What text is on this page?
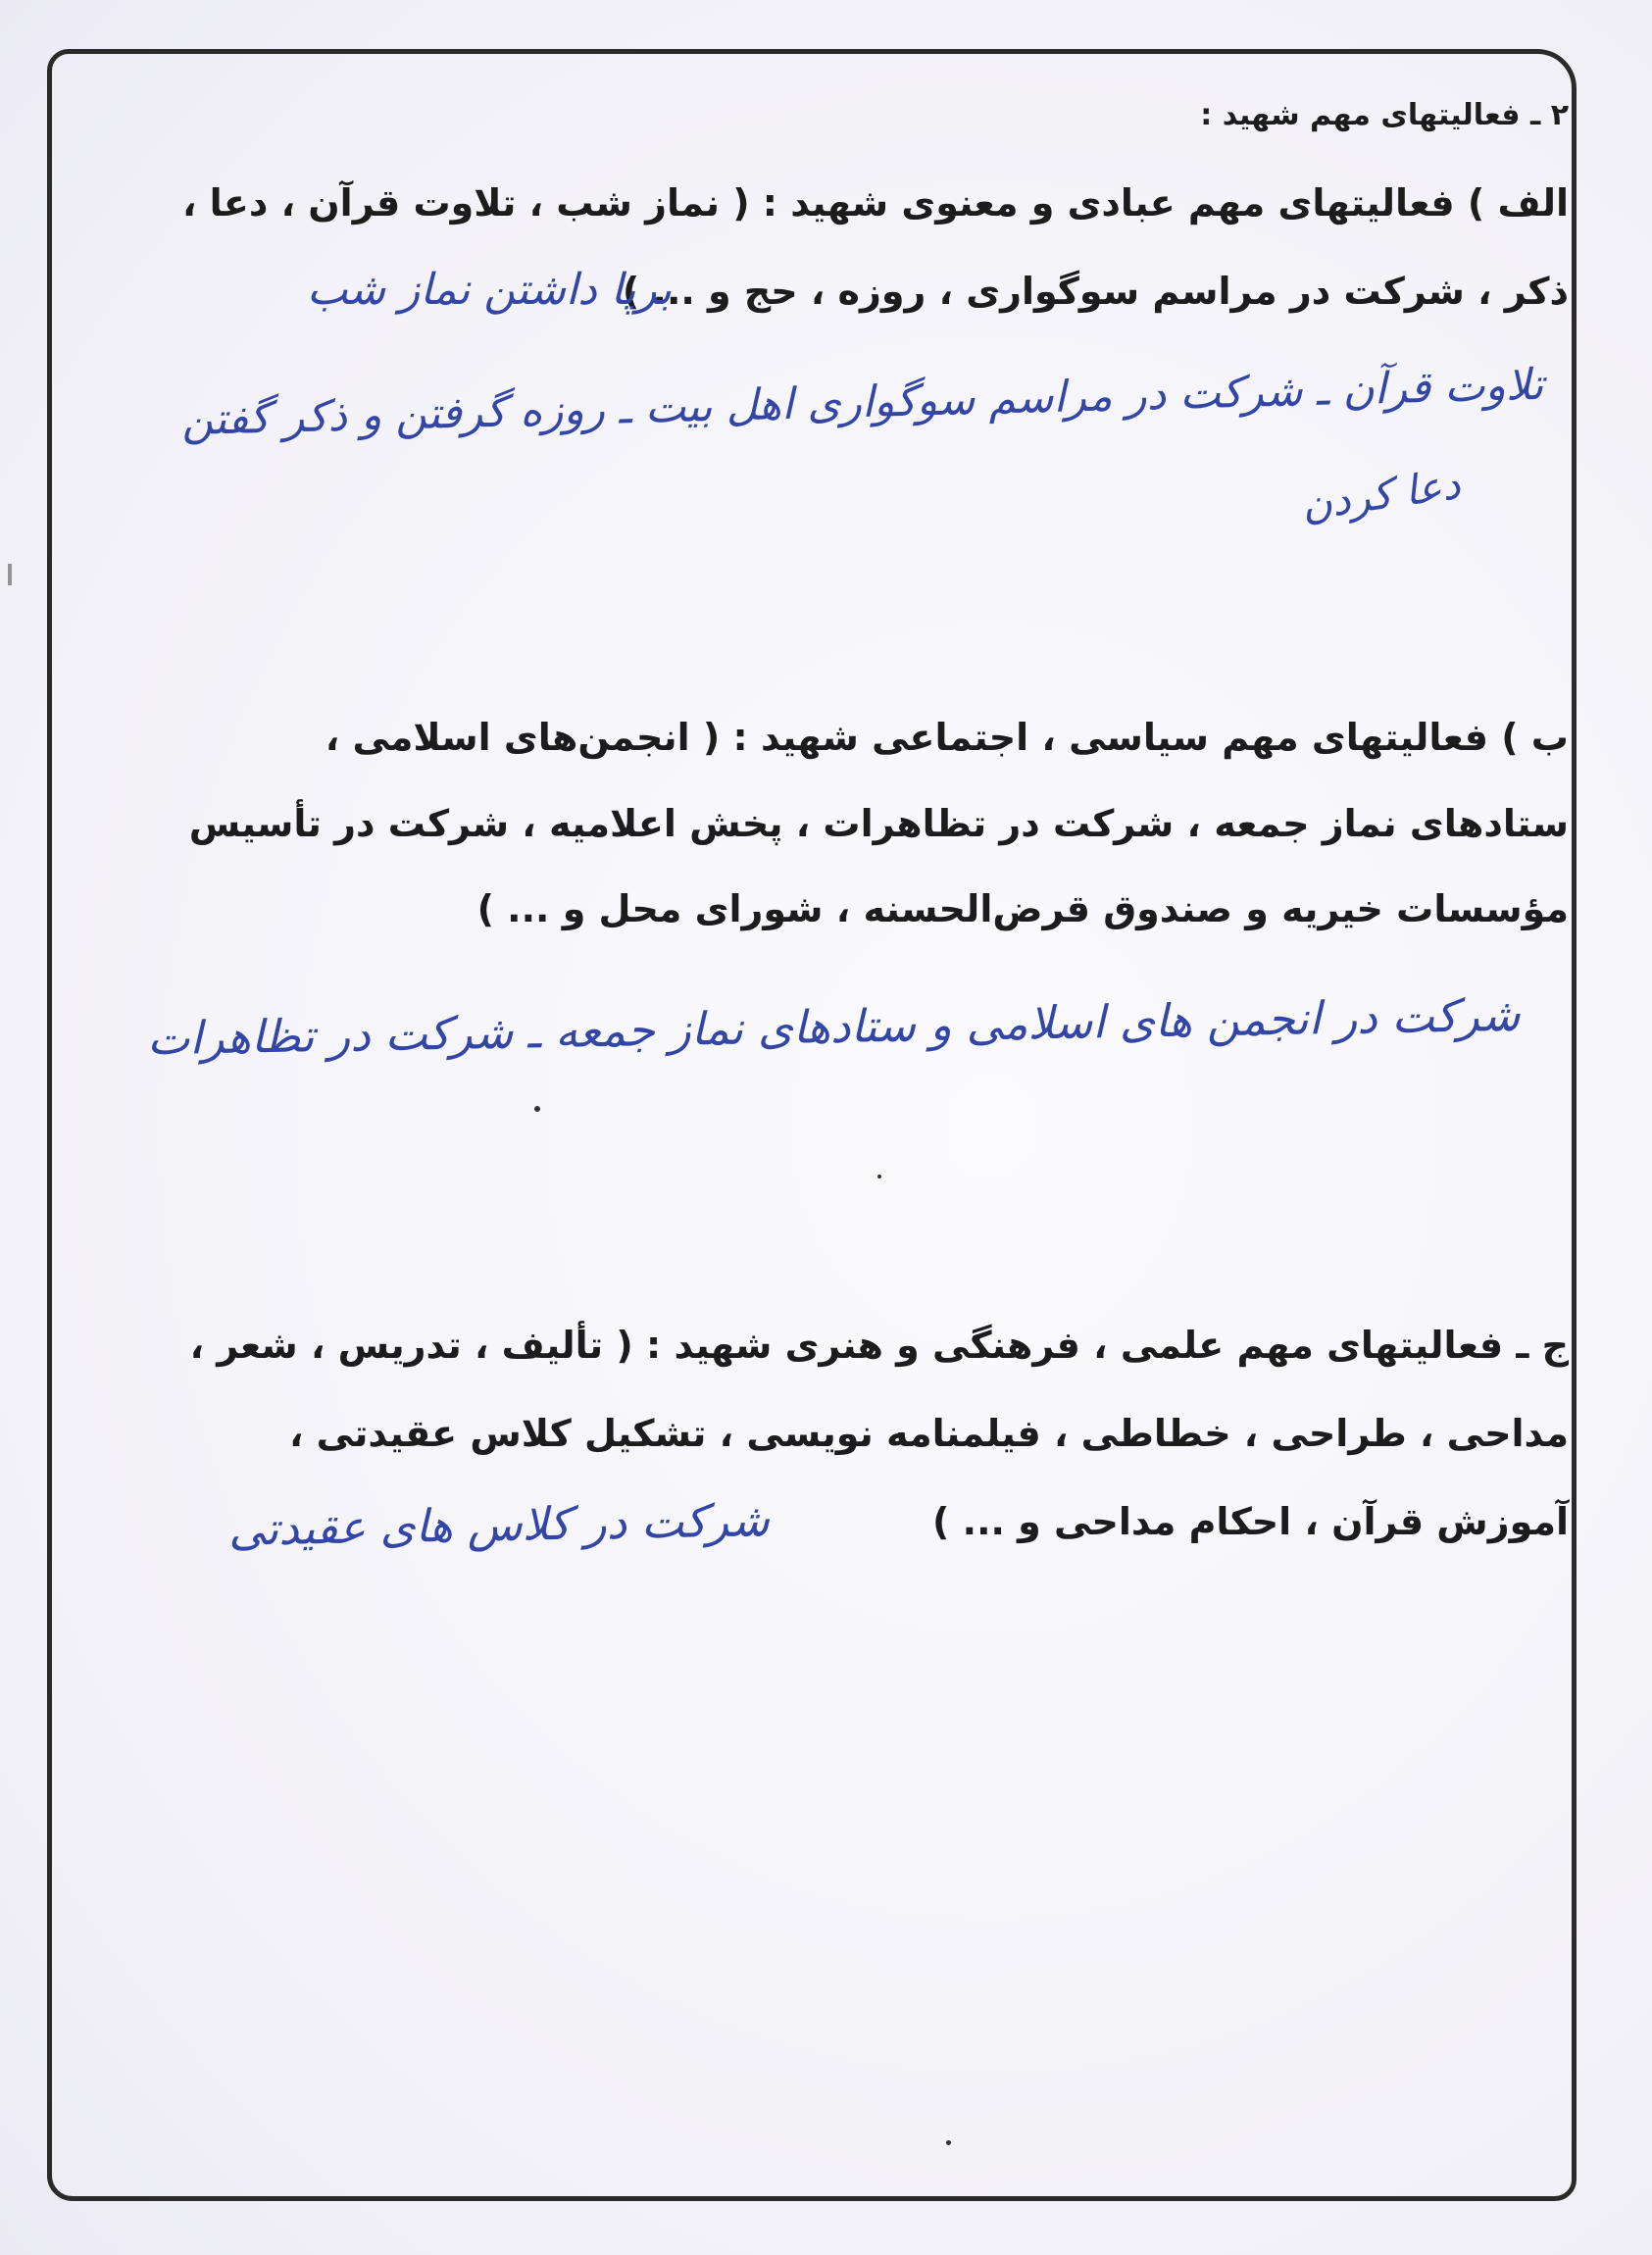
۲ ـ فعالیتهای مهم شهید :
الف ) فعالیتهای مهم عبادی و معنوی شهید : ( نماز شب ، تلاوت قرآن ، دعا ،
ذکر ، شرکت در مراسم سوگواری ، روزه ، حج و ... )
برپا داشتن نماز شب
تلاوت قرآن ـ شرکت در مراسم سوگواری اهل بیت ـ روزه گرفتن و ذکر گفتن
دعا کردن
ب ) فعالیتهای مهم سیاسی ، اجتماعی شهید : ( انجمن‌های اسلامی ،
ستادهای نماز جمعه ، شرکت در تظاهرات ، پخش اعلامیه ، شرکت در تأسیس
مؤسسات خیریه و صندوق قرض‌الحسنه ، شورای محل و ... )
شرکت در انجمن های اسلامی و ستادهای نماز جمعه ـ شرکت در تظاهرات
ج ـ فعالیتهای مهم علمی ، فرهنگی و هنری شهید : ( تألیف ، تدریس ، شعر ،
مداحی ، طراحی ، خطاطی ، فیلمنامه نویسی ، تشکیل کلاس عقیدتی ،
آموزش قرآن ، احکام مداحی و ... )
شرکت در کلاس های عقیدتی
